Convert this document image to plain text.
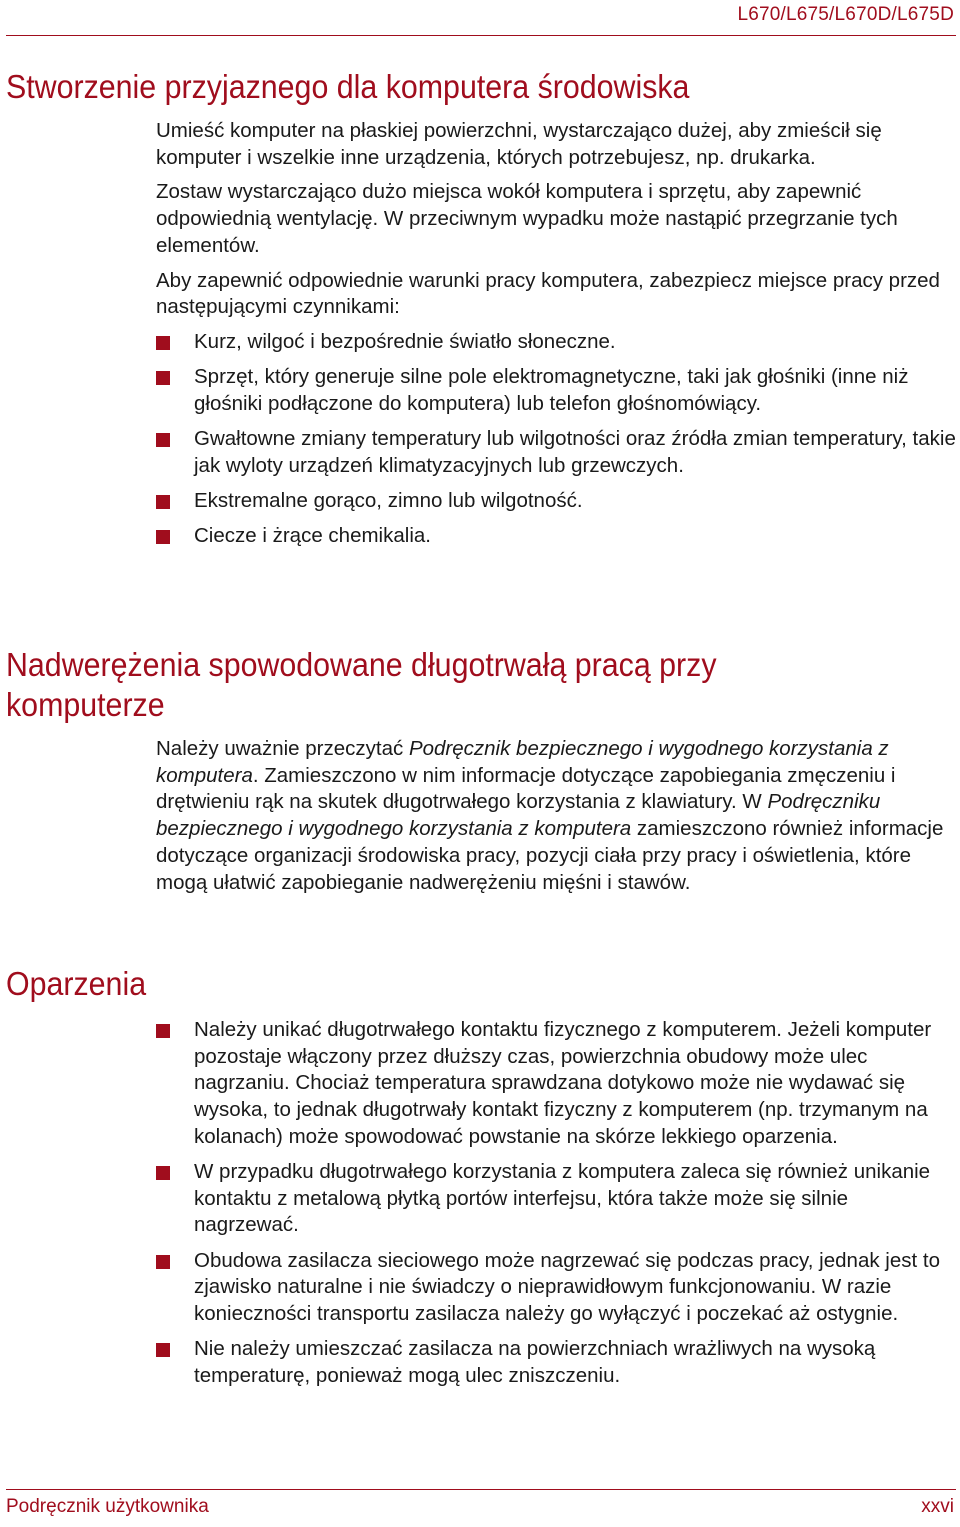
L670/L675/L670D/L675D
Stworzenie przyjaznego dla komputera środowiska

Umieść komputer na płaskiej powierzchni, wystarczająco dużej, aby zmieścił się komputer i wszelkie inne urządzenia, których potrzebujesz, np. drukarka.

Zostaw wystarczająco dużo miejsca wokół komputera i sprzętu, aby zapewnić odpowiednią wentylację. W przeciwnym wypadku może nastąpić przegrzanie tych elementów.

Aby zapewnić odpowiednie warunki pracy komputera, zabezpiecz miejsce pracy przed następującymi czynnikami:

Kurz, wilgoć i bezpośrednie światło słoneczne.
Sprzęt, który generuje silne pole elektromagnetyczne, taki jak głośniki (inne niż głośniki podłączone do komputera) lub telefon głośnomówiący.
Gwałtowne zmiany temperatury lub wilgotności oraz źródła zmian temperatury, takie jak wyloty urządzeń klimatyzacyjnych lub grzewczych.
Ekstremalne gorąco, zimno lub wilgotność.
Ciecze i żrące chemikalia.
Nadwerężenia spowodowane długotrwałą pracą przy
komputerze

Należy uważnie przeczytać Podręcznik bezpiecznego i wygodnego korzystania z komputera. Zamieszczono w nim informacje dotyczące zapobiegania zmęczeniu i drętwieniu rąk na skutek długotrwałego korzystania z klawiatury. W Podręczniku bezpiecznego i wygodnego korzystania z komputera zamieszczono również informacje dotyczące organizacji środowiska pracy, pozycji ciała przy pracy i oświetlenia, które mogą ułatwić zapobieganie nadwerężeniu mięśni i stawów.

Oparzenia
Należy unikać długotrwałego kontaktu fizycznego z komputerem. Jeżeli komputer pozostaje włączony przez dłuższy czas, powierzchnia obudowy może ulec nagrzaniu. Chociaż temperatura sprawdzana dotykowo może nie wydawać się wysoka, to jednak długotrwały kontakt fizyczny z komputerem (np. trzymanym na kolanach) może spowodować powstanie na skórze lekkiego oparzenia.
W przypadku długotrwałego korzystania z komputera zaleca się również unikanie kontaktu z metalową płytką portów interfejsu, która także może się silnie nagrzewać.
Obudowa zasilacza sieciowego może nagrzewać się podczas pracy, jednak jest to zjawisko naturalne i nie świadczy o nieprawidłowym funkcjonowaniu. W razie konieczności transportu zasilacza należy go wyłączyć i poczekać aż ostygnie.
Nie należy umieszczać zasilacza na powierzchniach wrażliwych na wysoką temperaturę, ponieważ mogą ulec zniszczeniu.
Podręcznik użytkownika	xxvi
